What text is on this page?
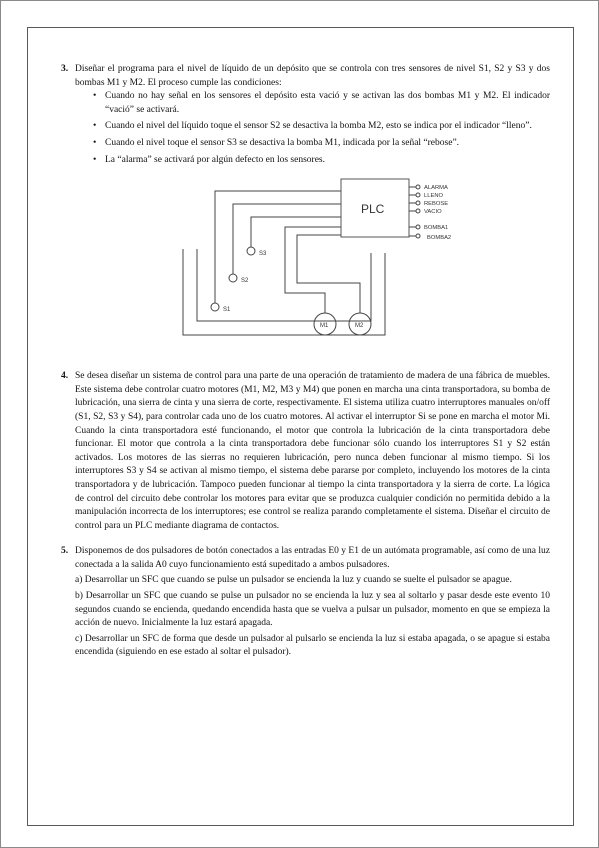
3. Diseñar el programa para el nivel de líquido de un depósito que se controla con tres sensores de nivel S1, S2 y S3 y dos bombas M1 y M2. El proceso cumple las condiciones:

• Cuando no hay señal en los sensores el depósito esta vació y se activan las dos bombas M1 y M2. El indicador “vació” se activará.
• Cuando el nivel del líquido toque el sensor S2 se desactiva la bomba M2, esto se indica por el indicador “lleno”.
• Cuando el nivel toque el sensor S3 se desactiva la bomba M1, indicada por la señal “rebose”.
• La “alarma” se activará por algún defecto en los sensores.
PLC
ALARMA
LLENO
REBOSE
VACIO
BOMBA1
BOMBA2
S1
S2
S3
M1	M2
4. Se desea diseñar un sistema de control para una parte de una operación de tratamiento de madera de una fábrica de muebles. Este sistema debe controlar cuatro motores (M1, M2, M3 y M4) que ponen en marcha una cinta transportadora, su bomba de lubricación, una sierra de cinta y una sierra de corte, respectivamente. El sistema utiliza cuatro interruptores manuales on/off (S1, S2, S3 y S4), para controlar cada uno de los cuatro motores. Al activar el interruptor Si se pone en marcha el motor Mi. Cuando la cinta transportadora esté funcionando, el motor que controla la lubricación de la cinta transportadora debe funcionar. El motor que controla a la cinta transportadora debe funcionar sólo cuando los interruptores S1 y S2 están activados. Los motores de las sierras no requieren lubricación, pero nunca deben funcionar al mismo tiempo. Si los interruptores S3 y S4 se activan al mismo tiempo, el sistema debe pararse por completo, incluyendo los motores de la cinta transportadora y de lubricación. Tampoco pueden funcionar al tiempo la cinta transportadora y la sierra de corte. La lógica de control del circuito debe controlar los motores para evitar que se produzca cualquier condición no permitida debido a la manipulación incorrecta de los interruptores; ese control se realiza parando completamente el sistema. Diseñar el circuito de control para un PLC mediante diagrama de contactos.

5. Disponemos de dos pulsadores de botón conectados a las entradas E0 y E1 de un autómata programable, así como de una luz conectada a la salida A0 cuyo funcionamiento está supeditado a ambos pulsadores.

a) Desarrollar un SFC que cuando se pulse un pulsador se encienda la luz y cuando se suelte el pulsador se apague.

b) Desarrollar un SFC que cuando se pulse un pulsador no se encienda la luz y sea al soltarlo y pasar desde este evento 10 segundos cuando se encienda, quedando encendida hasta que se vuelva a pulsar un pulsador, momento en que se empieza la acción de nuevo. Inicialmente la luz estará apagada.

c) Desarrollar un SFC de forma que desde un pulsador al pulsarlo se encienda la luz si estaba apagada, o se apague si estaba encendida (siguiendo en ese estado al soltar el pulsador).
